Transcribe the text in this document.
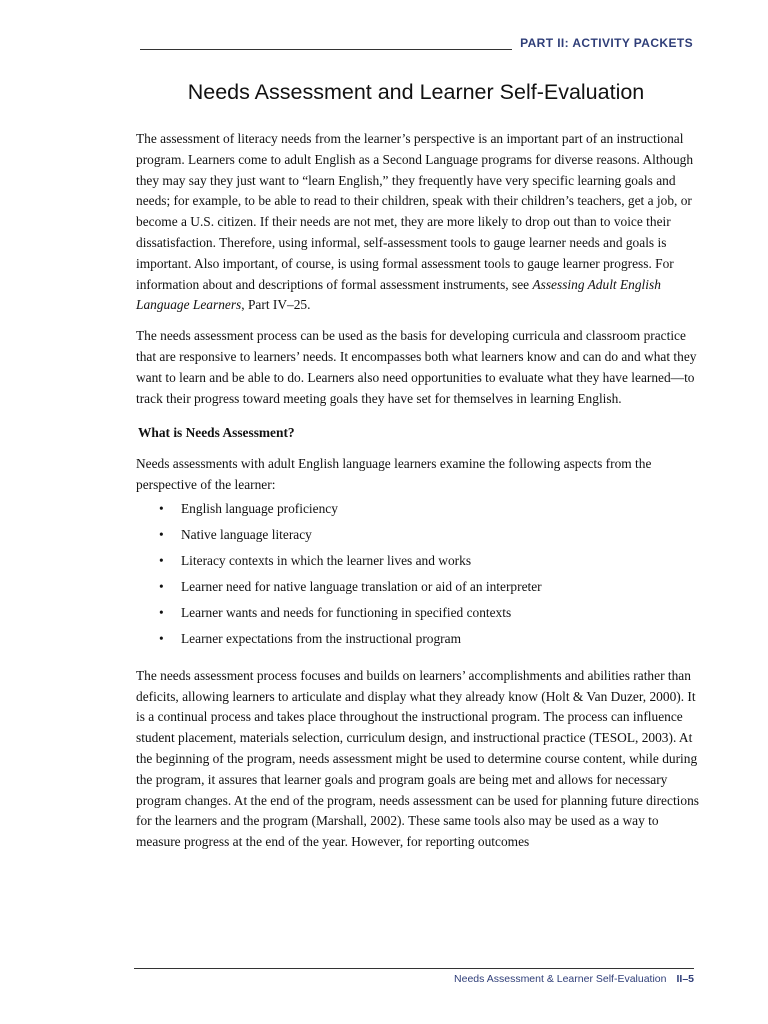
PART II: ACTIVITY PACKETS
Needs Assessment and Learner Self-Evaluation

The assessment of literacy needs from the learner’s perspective is an important part of an instructional program. Learners come to adult English as a Second Language programs for diverse reasons. Although they may say they just want to “learn English,” they frequently have very specific learning goals and needs; for example, to be able to read to their children, speak with their children’s teachers, get a job, or become a U.S. citizen. If their needs are not met, they are more likely to drop out than to voice their dissatisfaction. Therefore, using informal, self-assessment tools to gauge learner needs and goals is important. Also important, of course, is using formal assessment tools to gauge learner progress. For information about and descriptions of formal assessment instruments, see Assessing Adult English Language Learners, Part IV–25.

The needs assessment process can be used as the basis for developing curricula and classroom practice that are responsive to learners’ needs. It encompasses both what learners know and can do and what they want to learn and be able to do. Learners also need opportunities to evaluate what they have learned—to track their progress toward meeting goals they have set for themselves in learning English.

What is Needs Assessment?

Needs assessments with adult English language learners examine the following aspects from the perspective of the learner:

• English language proficiency
• Native language literacy
• Literacy contexts in which the learner lives and works
• Learner need for native language translation or aid of an interpreter
• Learner wants and needs for functioning in specified contexts
• Learner expectations from the instructional program

The needs assessment process focuses and builds on learners’ accomplishments and abilities rather than deficits, allowing learners to articulate and display what they already know (Holt & Van Duzer, 2000). It is a continual process and takes place throughout the instructional program. The process can influence student placement, materials selection, curriculum design, and instructional practice (TESOL, 2003). At the beginning of the program, needs assessment might be used to determine course content, while during the program, it assures that learner goals and program goals are being met and allows for necessary program changes. At the end of the program, needs assessment can be used for planning future directions for the learners and the program (Marshall, 2002). These same tools also may be used as a way to measure progress at the end of the year. However, for reporting outcomes

Needs Assessment & Learner Self-Evaluation II–5
